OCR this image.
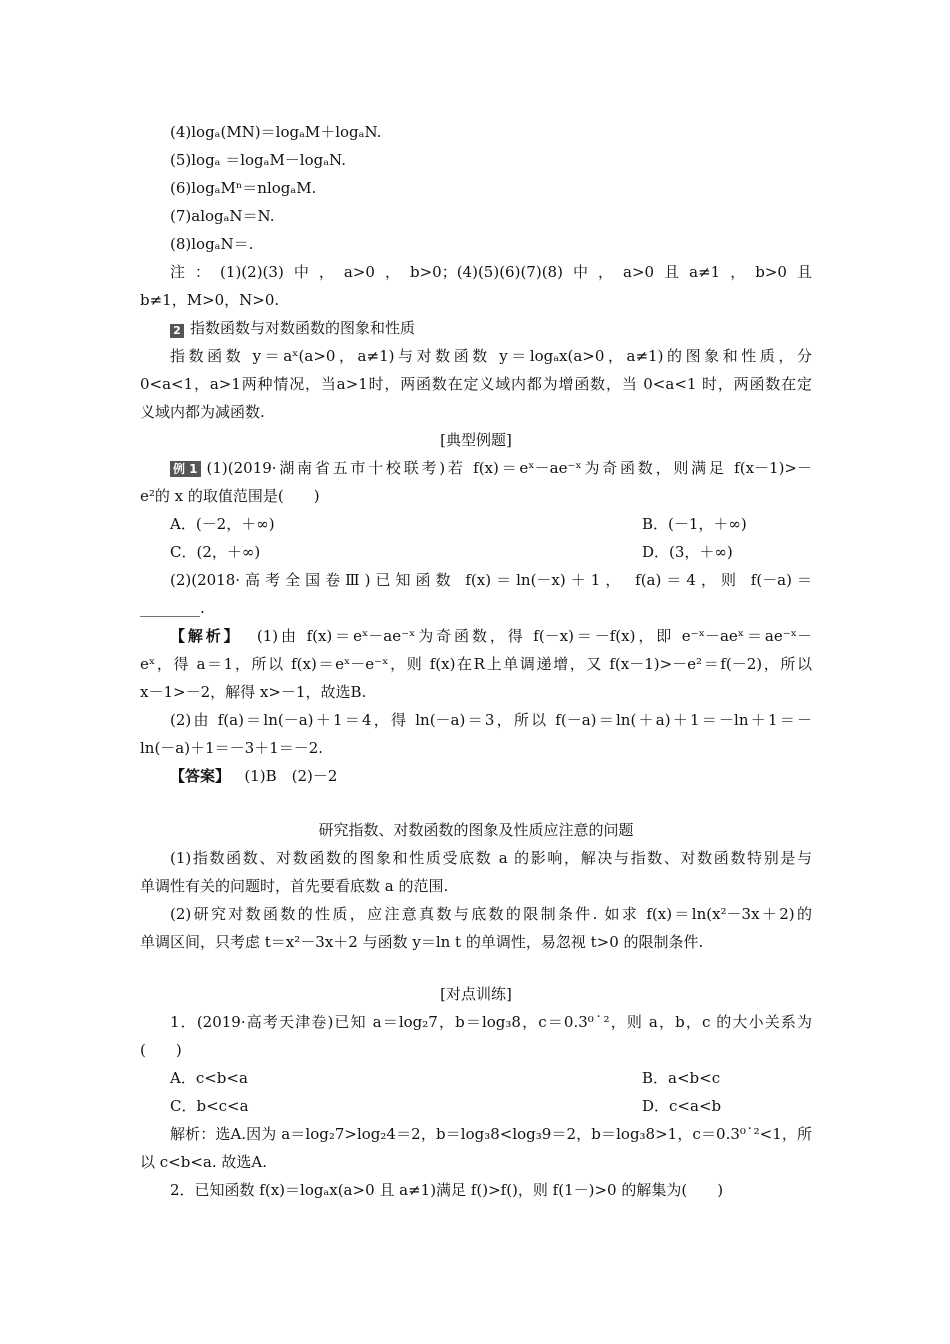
(4)logₐ(MN)＝logₐM＋logₐN.
(5)logₐ ＝logₐM－logₐN.
(6)logₐMⁿ＝nlogₐM.
(7)alogₐN＝N.
(8)logₐN＝.
注：(1)(2)(3)中，a>0，b>0；(4)(5)(6)(7)(8)中，a>0且a≠1，b>0且
b≠1，M>0，N>0.
2 指数函数与对数函数的图象和性质
指数函数 y＝aˣ(a>0，a≠1)与对数函数 y＝logₐx(a>0，a≠1)的图象和性质，分
0<a<1，a>1两种情况，当a>1时，两函数在定义域内都为增函数，当 0<a<1 时，两函数在定
义域内都为减函数.
[典型例题]
例 1 (1)(2019·湖南省五市十校联考)若 f(x)＝eˣ－ae⁻ˣ为奇函数，则满足 f(x－1)>－
e²的 x 的取值范围是(　　)
A．(－2，＋∞)	B．(－1，＋∞)
C．(2，＋∞)	D．(3，＋∞)
(2)(2018·高考全国卷Ⅲ)已知函数 f(x)＝ln(－x)＋1， f(a)＝4，则 f(－a)＝
________.
【解析】 (1)由 f(x)＝eˣ－ae⁻ˣ为奇函数，得 f(－x)＝－f(x)，即 e⁻ˣ－aeˣ＝ae⁻ˣ－
eˣ，得 a＝1，所以 f(x)＝eˣ－e⁻ˣ，则 f(x)在R上单调递增，又 f(x－1)>－e²＝f(－2)，所以
x－1>－2，解得 x>－1，故选B.
(2)由 f(a)＝ln(－a)＋1＝4，得 ln(－a)＝3，所以 f(－a)＝ln(＋a)＋1＝－ln＋1＝－
ln(－a)＋1＝－3＋1＝－2.
【答案】 (1)B　(2)－2
研究指数、对数函数的图象及性质应注意的问题
(1)指数函数、对数函数的图象和性质受底数 a 的影响，解决与指数、对数函数特别是与
单调性有关的问题时，首先要看底数 a 的范围.
(2)研究对数函数的性质，应注意真数与底数的限制条件. 如求 f(x)＝ln(x²－3x＋2)的
单调区间，只考虑 t＝x²－3x＋2 与函数 y＝ln t 的单调性，易忽视 t>0 的限制条件.
[对点训练]
1．(2019·高考天津卷)已知 a＝log₂7，b＝log₃8，c＝0.3⁰˙²，则 a，b，c 的大小关系为
(　　)
A．c<b<a	B．a<b<c
C．b<c<a	D．c<a<b
解析：选A.因为 a＝log₂7>log₂4＝2，b＝log₃8<log₃9＝2，b＝log₃8>1，c＝0.3⁰˙²<1，所
以 c<b<a. 故选A.
2．已知函数 f(x)＝logₐx(a>0 且 a≠1)满足 f()>f()，则 f(1－)>0 的解集为(　　)
